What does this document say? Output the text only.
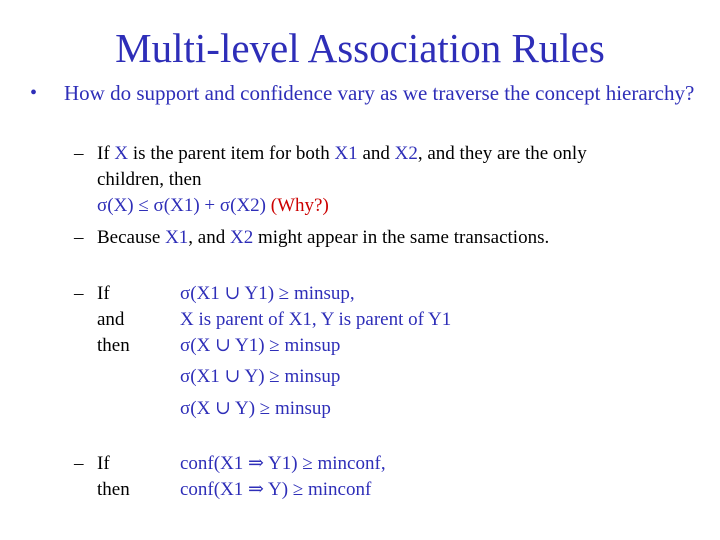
Multi-level Association Rules
• How do support and confidence vary as we traverse the concept hierarchy?
– If X is the parent item for both X1 and X2, and they are the only
children, then
σ(X) ≤ σ(X1) + σ(X2) (Why?)
– Because X1, and X2 might appear in the same transactions.
– If
and
then
σ(X1 ∪ Y1) ≥ minsup,
X is parent of X1, Y is parent of Y1
σ(X ∪ Y1) ≥ minsup
σ(X1 ∪ Y) ≥ minsup
σ(X ∪ Y) ≥ minsup
– If
then
conf(X1 ⇒ Y1) ≥ minconf,
conf(X1 ⇒ Y) ≥ minconf
